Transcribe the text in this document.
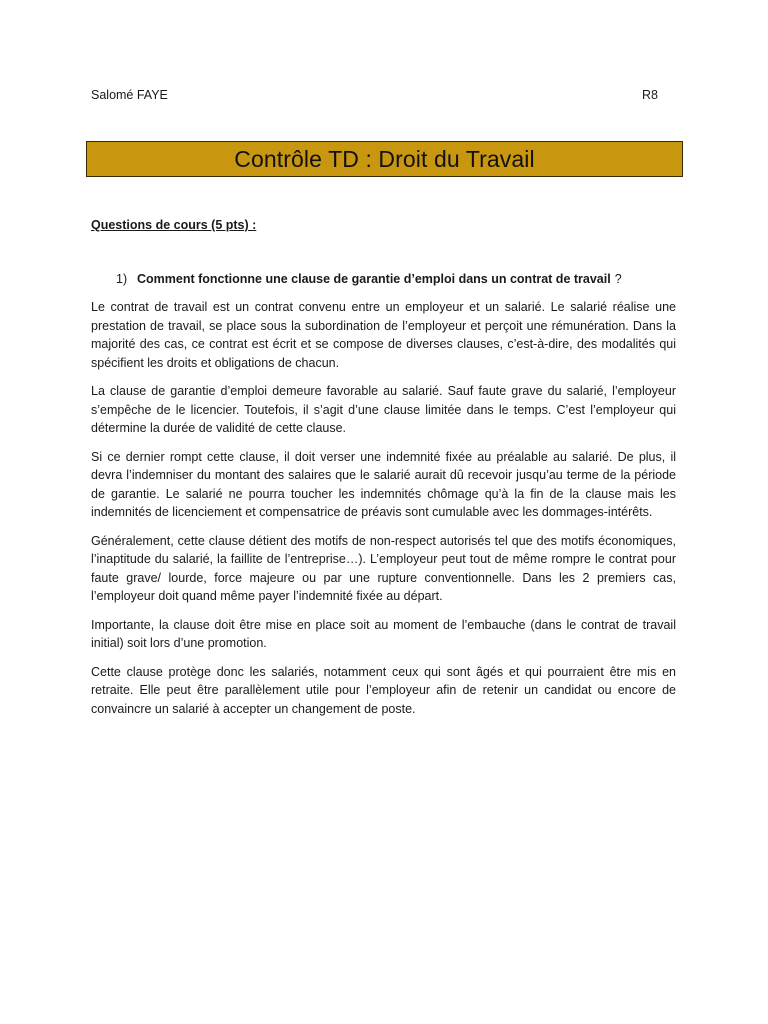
Salomé FAYE	R8
Contrôle TD : Droit du Travail
Questions de cours (5 pts) :
1) Comment fonctionne une clause de garantie d’emploi dans un contrat de travail ?

Le contrat de travail est un contrat convenu entre un employeur et un salarié. Le salarié réalise une prestation de travail, se place sous la subordination de l’employeur et perçoit une rémunération. Dans la majorité des cas, ce contrat est écrit et se compose de diverses clauses, c’est-à-dire, des modalités qui spécifient les droits et obligations de chacun.

La clause de garantie d’emploi demeure favorable au salarié. Sauf faute grave du salarié, l’employeur s’empêche de le licencier. Toutefois, il s’agit d’une clause limitée dans le temps. C’est l’employeur qui détermine la durée de validité de cette clause.

Si ce dernier rompt cette clause, il doit verser une indemnité fixée au préalable au salarié. De plus, il devra l’indemniser du montant des salaires que le salarié aurait dû recevoir jusqu’au terme de la période de garantie. Le salarié ne pourra toucher les indemnités chômage qu’à la fin de la clause mais les indemnités de licenciement et compensatrice de préavis sont cumulable avec les dommages-intérêts.

Généralement, cette clause détient des motifs de non-respect autorisés tel que des motifs économiques, l’inaptitude du salarié, la faillite de l’entreprise…). L’employeur peut tout de même rompre le contrat pour faute grave/ lourde, force majeure ou par une rupture conventionnelle. Dans les 2 premiers cas, l’employeur doit quand même payer l’indemnité fixée au départ.

Importante, la clause doit être mise en place soit au moment de l’embauche (dans le contrat de travail initial) soit lors d’une promotion.

Cette clause protège donc les salariés, notamment ceux qui sont âgés et qui pourraient être mis en retraite. Elle peut être parallèlement utile pour l’employeur afin de retenir un candidat ou encore de convaincre un salarié à accepter un changement de poste.
